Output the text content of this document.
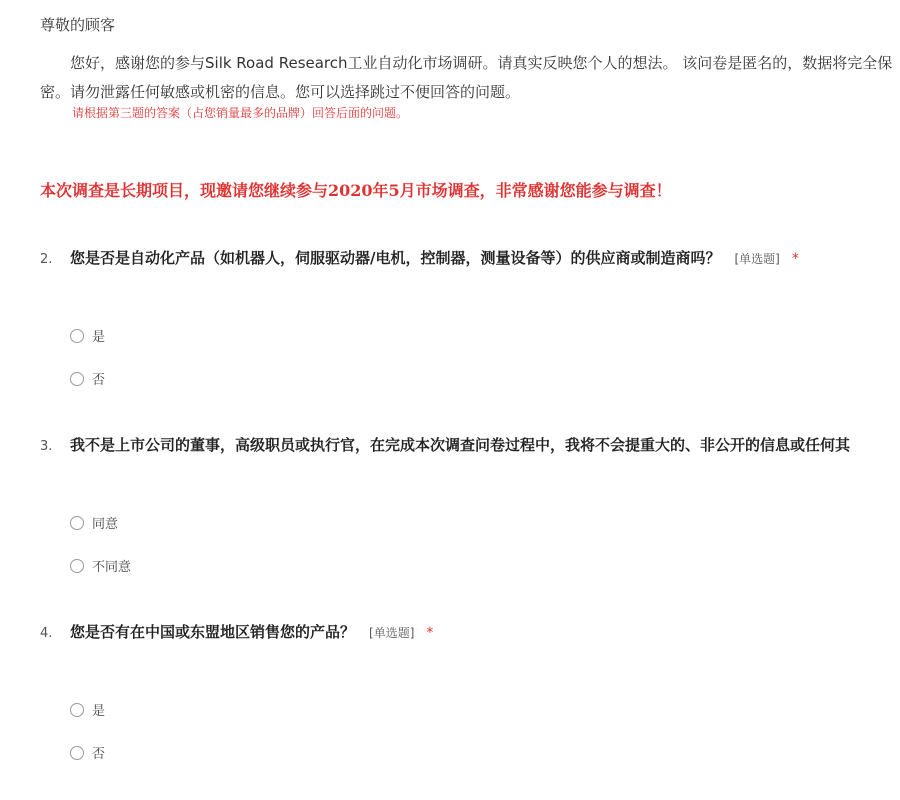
尊敬的顾客
您好，感谢您的参与Silk Road Research工业自动化市场调研。请真实反映您个人的想法。 该问卷是匿名的，数据将完全保密。请勿泄露任何敏感或机密的信息。您可以选择跳过不便回答的问题。
请根据第三题的答案（占您销量最多的品牌）回答后面的问题。
本次调查是长期项目，现邀请您继续参与2020年5月市场调查，非常感谢您能参与调查！
2. 您是否是自动化产品（如机器人，伺服驱动器/电机，控制器，测量设备等）的供应商或制造商吗？ [单选题] *
是
否
3. 我不是上市公司的董事，高级职员或执行官，在完成本次调查问卷过程中，我将不会提重大的、非公开的信息或任何其
同意
不同意
4. 您是否有在中国或东盟地区销售您的产品？ [单选题] *
是
否
